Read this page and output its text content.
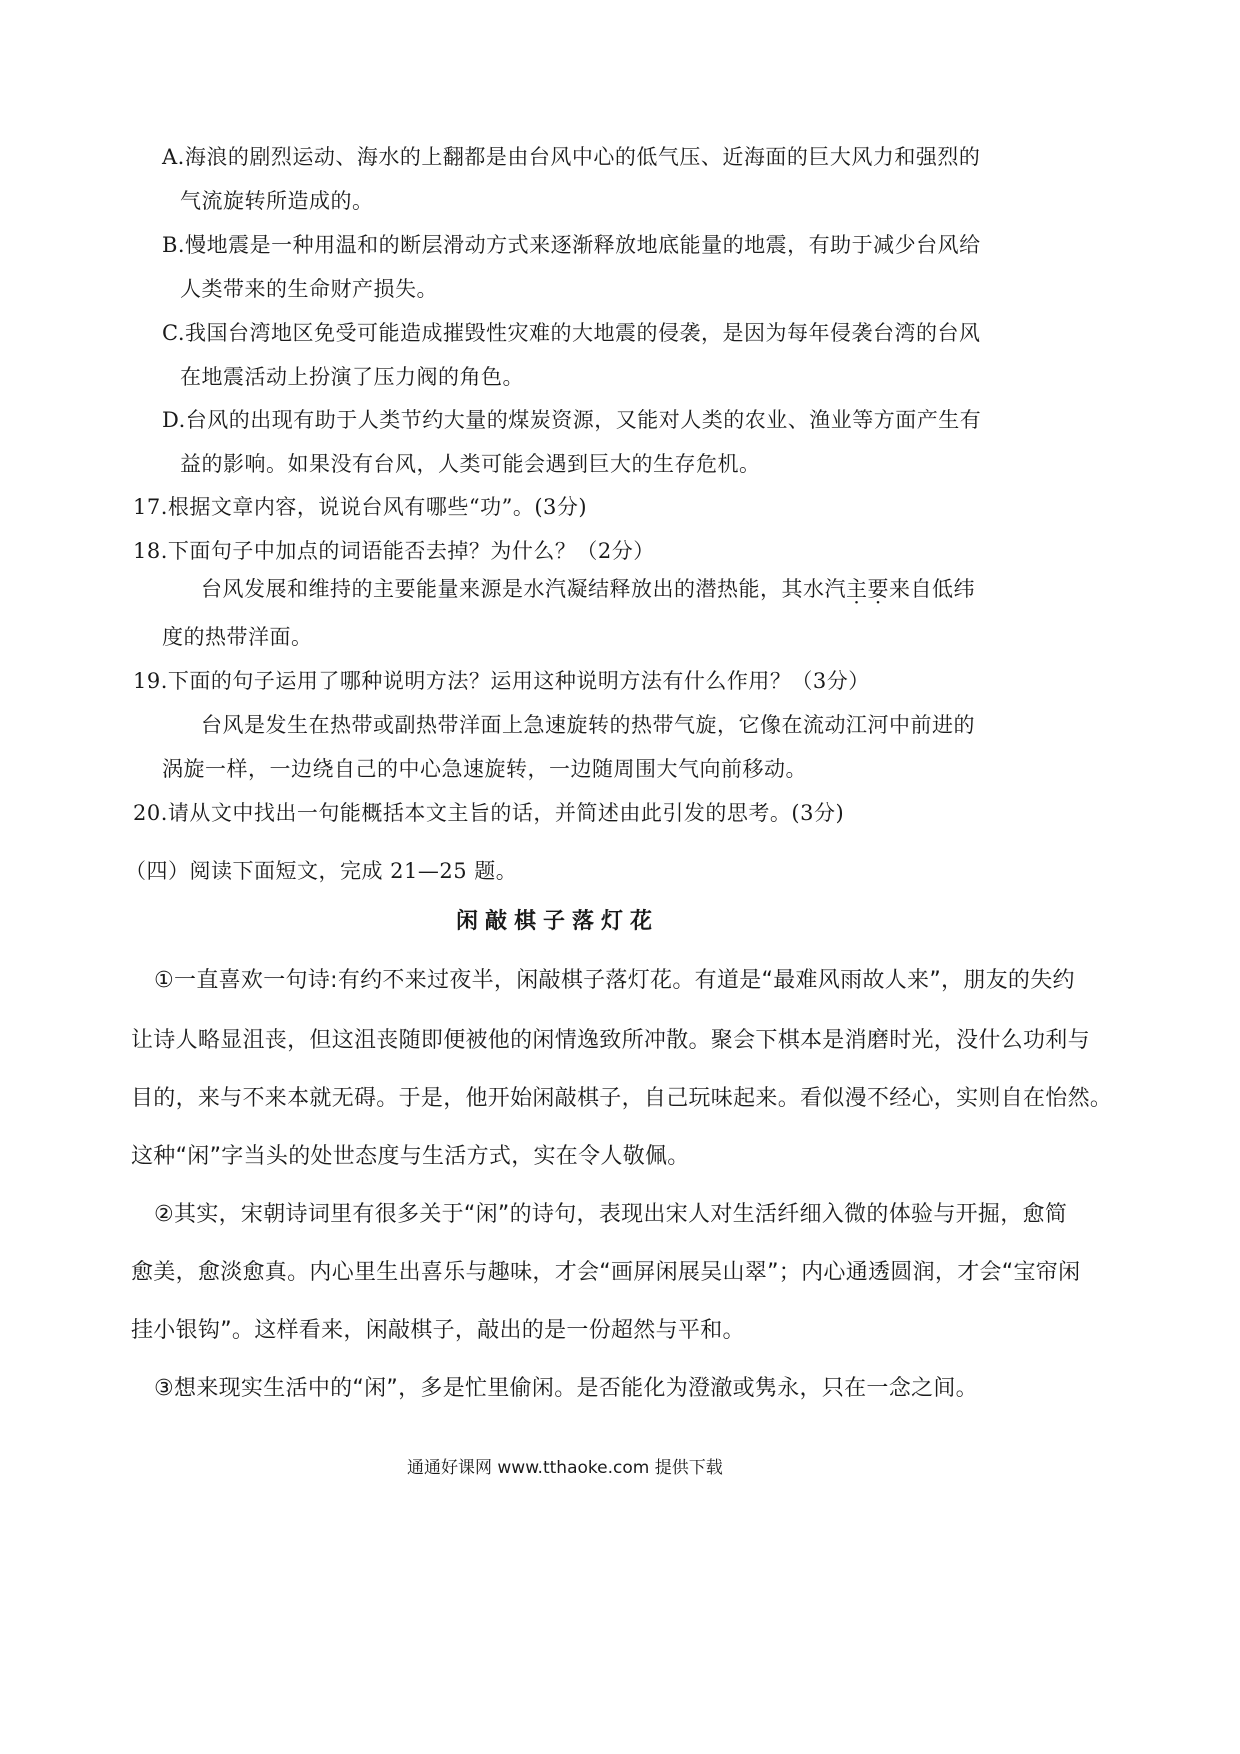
A.海浪的剧烈运动、海水的上翻都是由台风中心的低气压、近海面的巨大风力和强烈的
气流旋转所造成的。
B.慢地震是一种用温和的断层滑动方式来逐渐释放地底能量的地震，有助于减少台风给
人类带来的生命财产损失。
C.我国台湾地区免受可能造成摧毁性灾难的大地震的侵袭，是因为每年侵袭台湾的台风
在地震活动上扮演了压力阀的角色。
D.台风的出现有助于人类节约大量的煤炭资源，又能对人类的农业、渔业等方面产生有
益的影响。如果没有台风，人类可能会遇到巨大的生存危机。
17.根据文章内容，说说台风有哪些“功”。(3分)
18.下面句子中加点的词语能否去掉？为什么？（2分）
台风发展和维持的主要能量来源是水汽凝结释放出的潜热能，其水汽主要来自低纬
度的热带洋面。
19.下面的句子运用了哪种说明方法？运用这种说明方法有什么作用？（3分）
台风是发生在热带或副热带洋面上急速旋转的热带气旋，它像在流动江河中前进的
涡旋一样，一边绕自己的中心急速旋转，一边随周围大气向前移动。
20.请从文中找出一句能概括本文主旨的话，并简述由此引发的思考。(3分)
（四）阅读下面短文，完成 21—25 题。
闲敲棋子落灯花
①一直喜欢一句诗:有约不来过夜半，闲敲棋子落灯花。有道是“最难风雨故人来”，朋友的失约
让诗人略显沮丧，但这沮丧随即便被他的闲情逸致所冲散。聚会下棋本是消磨时光，没什么功利与
目的，来与不来本就无碍。于是，他开始闲敲棋子，自己玩味起来。看似漫不经心，实则自在怡然。
这种“闲”字当头的处世态度与生活方式，实在令人敬佩。
②其实，宋朝诗词里有很多关于“闲”的诗句，表现出宋人对生活纤细入微的体验与开掘，愈简
愈美，愈淡愈真。内心里生出喜乐与趣味，才会“画屏闲展吴山翠”；内心通透圆润，才会“宝帘闲
挂小银钩”。这样看来，闲敲棋子，敲出的是一份超然与平和。
③想来现实生活中的“闲”，多是忙里偷闲。是否能化为澄澈或隽永，只在一念之间。
通通好课网 www.tthaoke.com 提供下载
